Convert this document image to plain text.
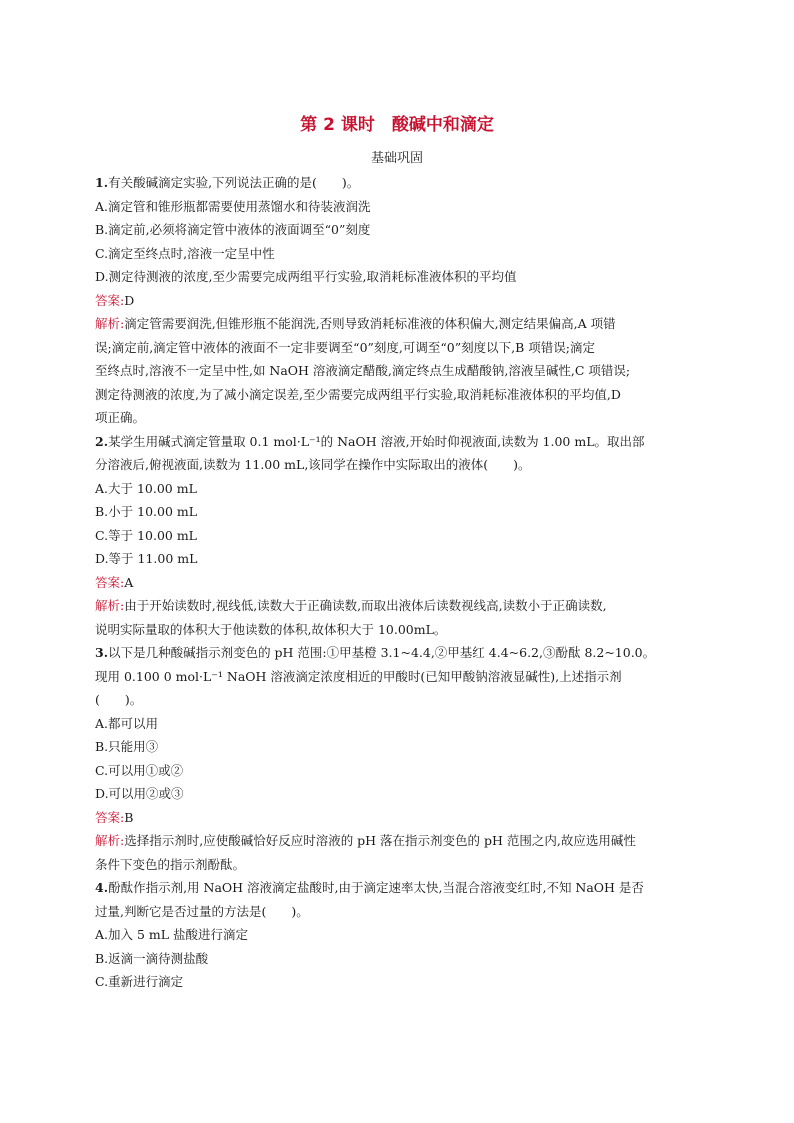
第 2 课时　酸碱中和滴定
基础巩固
1.有关酸碱滴定实验,下列说法正确的是(　　)。
A.滴定管和锥形瓶都需要使用蒸馏水和待装液润洗
B.滴定前,必须将滴定管中液体的液面调至“0”刻度
C.滴定至终点时,溶液一定呈中性
D.测定待测液的浓度,至少需要完成两组平行实验,取消耗标准液体积的平均值
答案:D
解析:滴定管需要润洗,但锥形瓶不能润洗,否则导致消耗标准液的体积偏大,测定结果偏高,A 项错
误;滴定前,滴定管中液体的液面不一定非要调至“0”刻度,可调至“0”刻度以下,B 项错误;滴定
至终点时,溶液不一定呈中性,如 NaOH 溶液滴定醋酸,滴定终点生成醋酸钠,溶液呈碱性,C 项错误;
测定待测液的浓度,为了减小滴定误差,至少需要完成两组平行实验,取消耗标准液体积的平均值,D
项正确。
2.某学生用碱式滴定管量取 0.1 mol·L⁻¹的 NaOH 溶液,开始时仰视液面,读数为 1.00 mL。取出部
分溶液后,俯视液面,读数为 11.00 mL,该同学在操作中实际取出的液体(　　)。
A.大于 10.00 mL
B.小于 10.00 mL
C.等于 10.00 mL
D.等于 11.00 mL
答案:A
解析:由于开始读数时,视线低,读数大于正确读数,而取出液体后读数视线高,读数小于正确读数,
说明实际量取的体积大于他读数的体积,故体积大于 10.00mL。
3.以下是几种酸碱指示剂变色的 pH 范围:①甲基橙 3.1~4.4,②甲基红 4.4~6.2,③酚酞 8.2~10.0。
现用 0.100 0 mol·L⁻¹ NaOH 溶液滴定浓度相近的甲酸时(已知甲酸钠溶液显碱性),上述指示剂
(　　)。
A.都可以用
B.只能用③
C.可以用①或②
D.可以用②或③
答案:B
解析:选择指示剂时,应使酸碱恰好反应时溶液的 pH 落在指示剂变色的 pH 范围之内,故应选用碱性
条件下变色的指示剂酚酞。
4.酚酞作指示剂,用 NaOH 溶液滴定盐酸时,由于滴定速率太快,当混合溶液变红时,不知 NaOH 是否
过量,判断它是否过量的方法是(　　)。
A.加入 5 mL 盐酸进行滴定
B.返滴一滴待测盐酸
C.重新进行滴定
